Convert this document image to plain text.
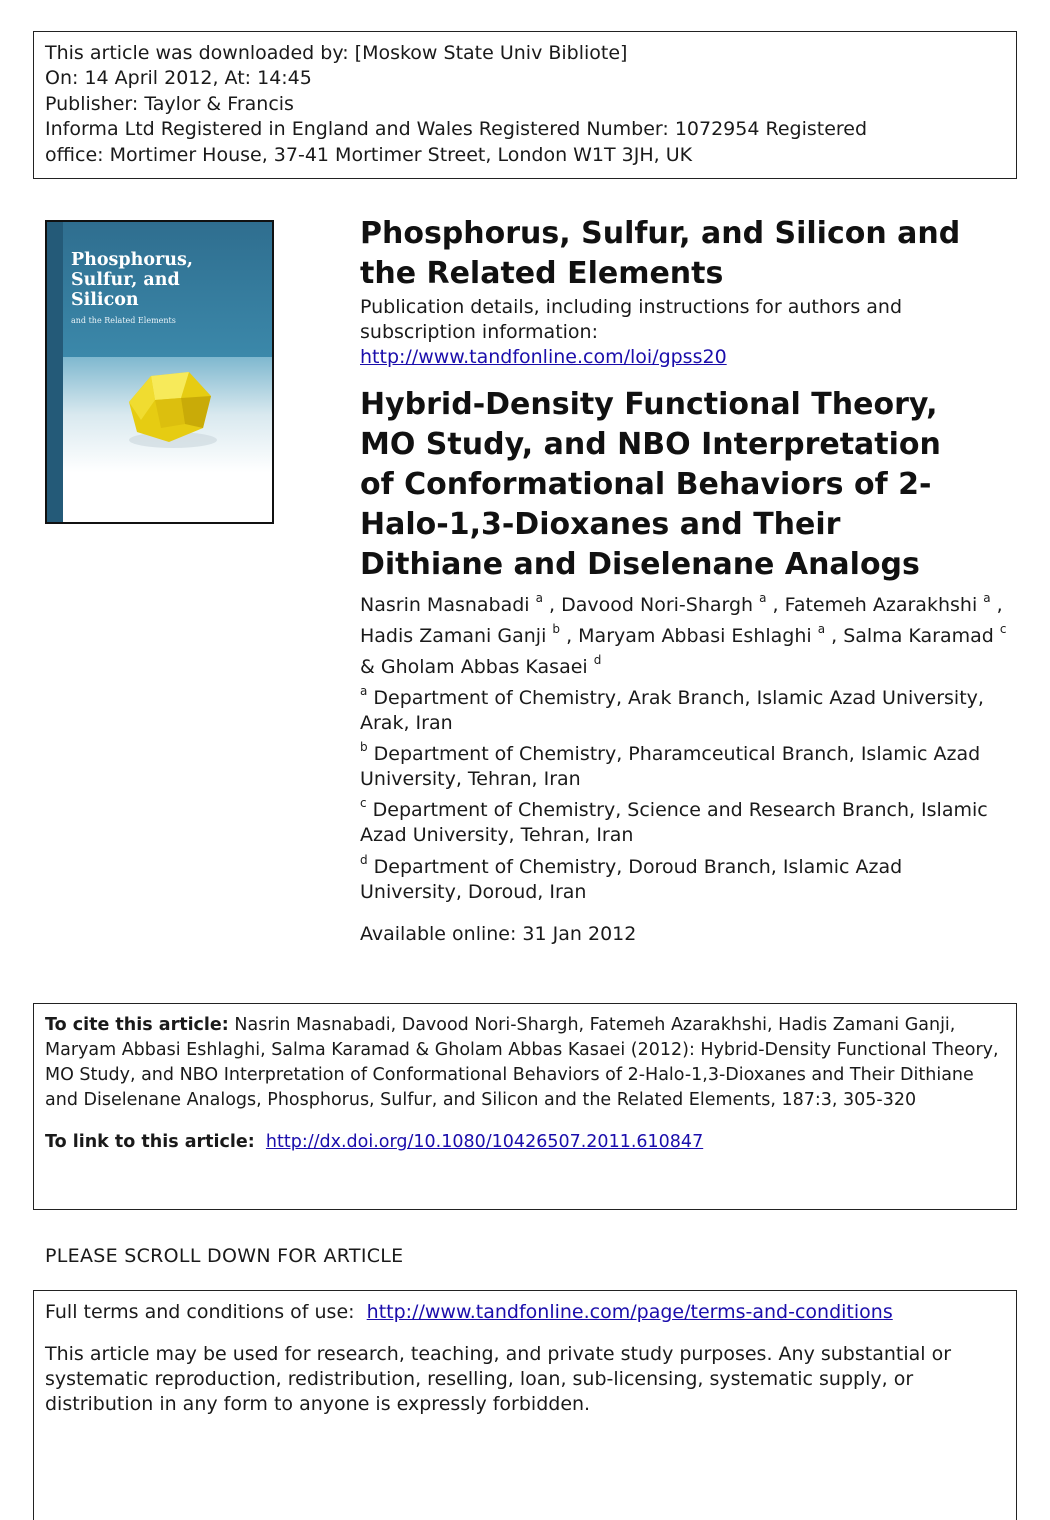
This article was downloaded by: [Moskow State Univ Bibliote]
On: 14 April 2012, At: 14:45
Publisher: Taylor & Francis
Informa Ltd Registered in England and Wales Registered Number: 1072954 Registered
office: Mortimer House, 37-41 Mortimer Street, London W1T 3JH, UK
Phosphorus,
Sulfur, and
Silicon
and the Related Elements
Phosphorus, Sulfur, and Silicon and the Related Elements
Publication details, including instructions for authors and subscription information:
http://www.tandfonline.com/loi/gpss20
Hybrid-Density Functional Theory, MO Study, and NBO Interpretation of Conformational Behaviors of 2-Halo-1,3-Dioxanes and Their Dithiane and Diselenane Analogs
Nasrin Masnabadi $^a$ , Davood Nori-Shargh $^a$ , Fatemeh Azarakhshi $^a$ ,
Hadis Zamani Ganji $^b$ , Maryam Abbasi Eshlaghi $^a$ , Salma Karamad $^c$
& Gholam Abbas Kasaei $^d$
$^a$ Department of Chemistry, Arak Branch, Islamic Azad University, Arak, Iran
$^b$ Department of Chemistry, Pharamceutical Branch, Islamic Azad University, Tehran, Iran
$^c$ Department of Chemistry, Science and Research Branch, Islamic Azad University, Tehran, Iran
$^d$ Department of Chemistry, Doroud Branch, Islamic Azad University, Doroud, Iran
Available online: 31 Jan 2012
To cite this article: Nasrin Masnabadi, Davood Nori-Shargh, Fatemeh Azarakhshi, Hadis Zamani Ganji, Maryam Abbasi Eshlaghi, Salma Karamad & Gholam Abbas Kasaei (2012): Hybrid-Density Functional Theory, MO Study, and NBO Interpretation of Conformational Behaviors of 2-Halo-1,3-Dioxanes and Their Dithiane and Diselenane Analogs, Phosphorus, Sulfur, and Silicon and the Related Elements, 187:3, 305-320
To link to this article: http://dx.doi.org/10.1080/10426507.2011.610847
PLEASE SCROLL DOWN FOR ARTICLE
Full terms and conditions of use: http://www.tandfonline.com/page/terms-and-conditions
This article may be used for research, teaching, and private study purposes. Any substantial or systematic reproduction, redistribution, reselling, loan, sub-licensing, systematic supply, or distribution in any form to anyone is expressly forbidden.
